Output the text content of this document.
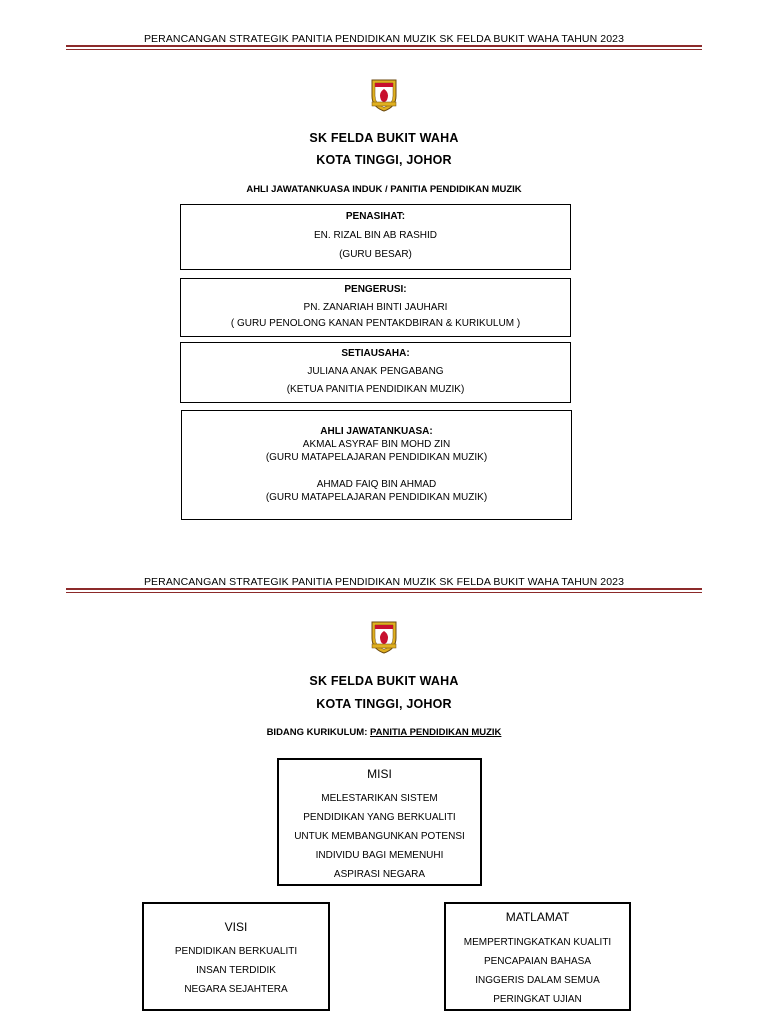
PERANCANGAN STRATEGIK PANITIA PENDIDIKAN MUZIK SK FELDA BUKIT WAHA TAHUN 2023
SK FELDA BUKIT WAHA
KOTA TINGGI, JOHOR
AHLI JAWATANKUASA INDUK / PANITIA PENDIDIKAN MUZIK

PENASIHAT:

EN. RIZAL BIN AB RASHID

(GURU BESAR)

PENGERUSI:

PN. ZANARIAH BINTI JAUHARI

( GURU PENOLONG KANAN PENTAKDBIRAN & KURIKULUM )

SETIAUSAHA:

JULIANA ANAK PENGABANG

(KETUA PANITIA PENDIDIKAN MUZIK)

AHLI JAWATANKUASA:

AKMAL ASYRAF BIN MOHD ZIN

(GURU MATAPELAJARAN PENDIDIKAN MUZIK)

AHMAD FAIQ BIN AHMAD

(GURU MATAPELAJARAN PENDIDIKAN MUZIK)

PERANCANGAN STRATEGIK PANITIA PENDIDIKAN MUZIK SK FELDA BUKIT WAHA TAHUN 2023
SK FELDA BUKIT WAHA
KOTA TINGGI, JOHOR
BIDANG KURIKULUM: PANITIA PENDIDIKAN MUZIK

MISI

MELESTARIKAN SISTEM

PENDIDIKAN YANG BERKUALITI

UNTUK MEMBANGUNKAN POTENSI

INDIVIDU BAGI MEMENUHI

ASPIRASI NEGARA

VISI

PENDIDIKAN BERKUALITI

INSAN TERDIDIK

NEGARA SEJAHTERA

MATLAMAT

MEMPERTINGKATKAN KUALITI

PENCAPAIAN BAHASA

INGGERIS DALAM SEMUA

PERINGKAT UJIAN
